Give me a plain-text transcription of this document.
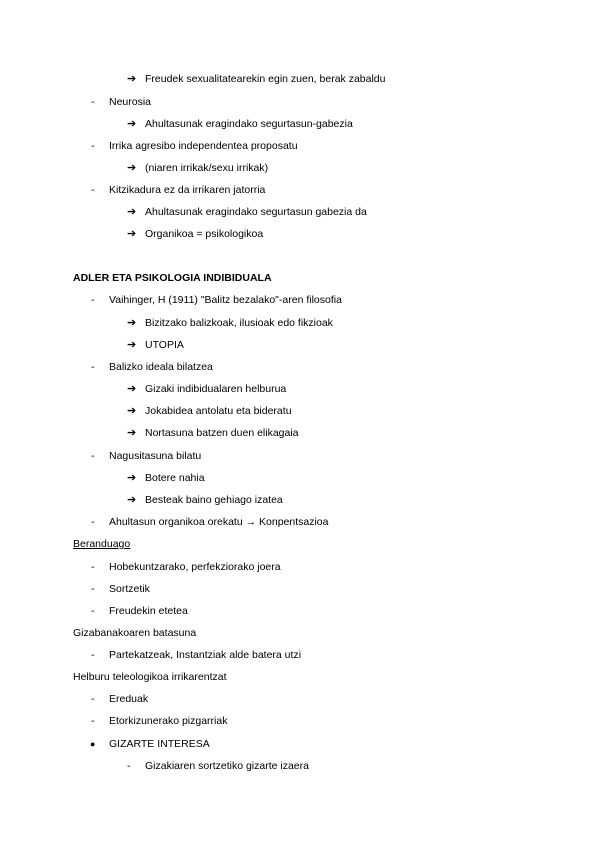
➔ Freudek sexualitatearekin egin zuen, berak zabaldu
- Neurosia
➔ Ahultasunak eragindako segurtasun-gabezia
- Irrika agresibo independentea proposatu
➔ (niaren irrikak/sexu irrikak)
- Kitzikadura ez da irrikaren jatorria
➔ Ahultasunak eragindako segurtasun gabezia da
➔ Organikoa = psikologikoa
ADLER ETA PSIKOLOGIA INDIBIDUALA
- Vaihinger, H (1911) "Balitz bezalako"-aren filosofia
➔ Bizitzako balizkoak, ilusioak edo fikzioak
➔ UTOPIA
- Balizko ideala bilatzea
➔ Gizaki indibidualaren helburua
➔ Jokabidea antolatu eta bideratu
➔ Nortasuna batzen duen elikagaia
- Nagusitasuna bilatu
➔ Botere nahia
➔ Besteak baino gehiago izatea
- Ahultasun organikoa orekatu → Konpentsazioa
Beranduago
- Hobekuntzarako, perfekziorako joera
- Sortzetik
- Freudekin etetea
Gizabanakoaren batasuna
- Partekatzeak, Instantziak alde batera utzi
Helburu teleologikoa irrikarentzat
- Ereduak
- Etorkizunerako pizgarriak
● GIZARTE INTERESA
- Gizakiaren sortzetiko gizarte izaera
